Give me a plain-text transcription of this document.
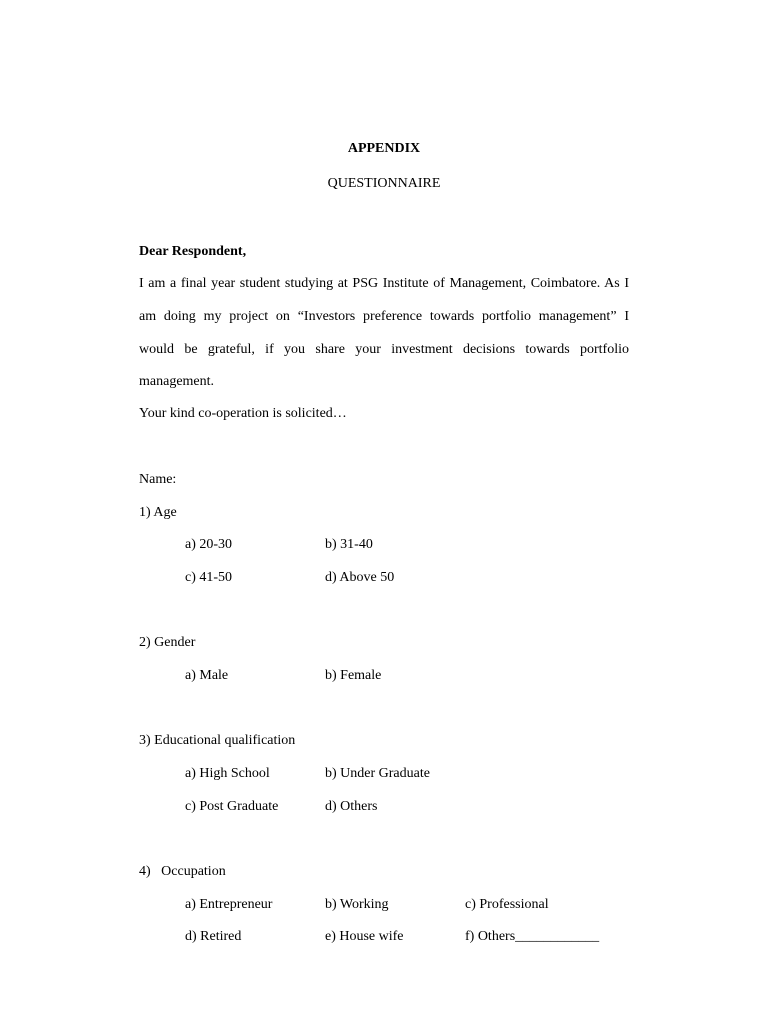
APPENDIX
QUESTIONNAIRE
Dear Respondent,
I am a final year student studying at PSG Institute of Management, Coimbatore. As I
am doing my project on “Investors preference towards portfolio management” I
would be grateful, if you share your investment decisions towards portfolio
management.
Your kind co-operation is solicited…
Name:
1) Age
a) 20-30	b) 31-40
c) 41-50	d) Above 50
2) Gender
a) Male	b) Female
3) Educational qualification
a) High School	b) Under Graduate
c) Post Graduate	d) Others
4)   Occupation
a) Entrepreneur	b) Working	c) Professional
d) Retired	e) House wife	f) Others____________
